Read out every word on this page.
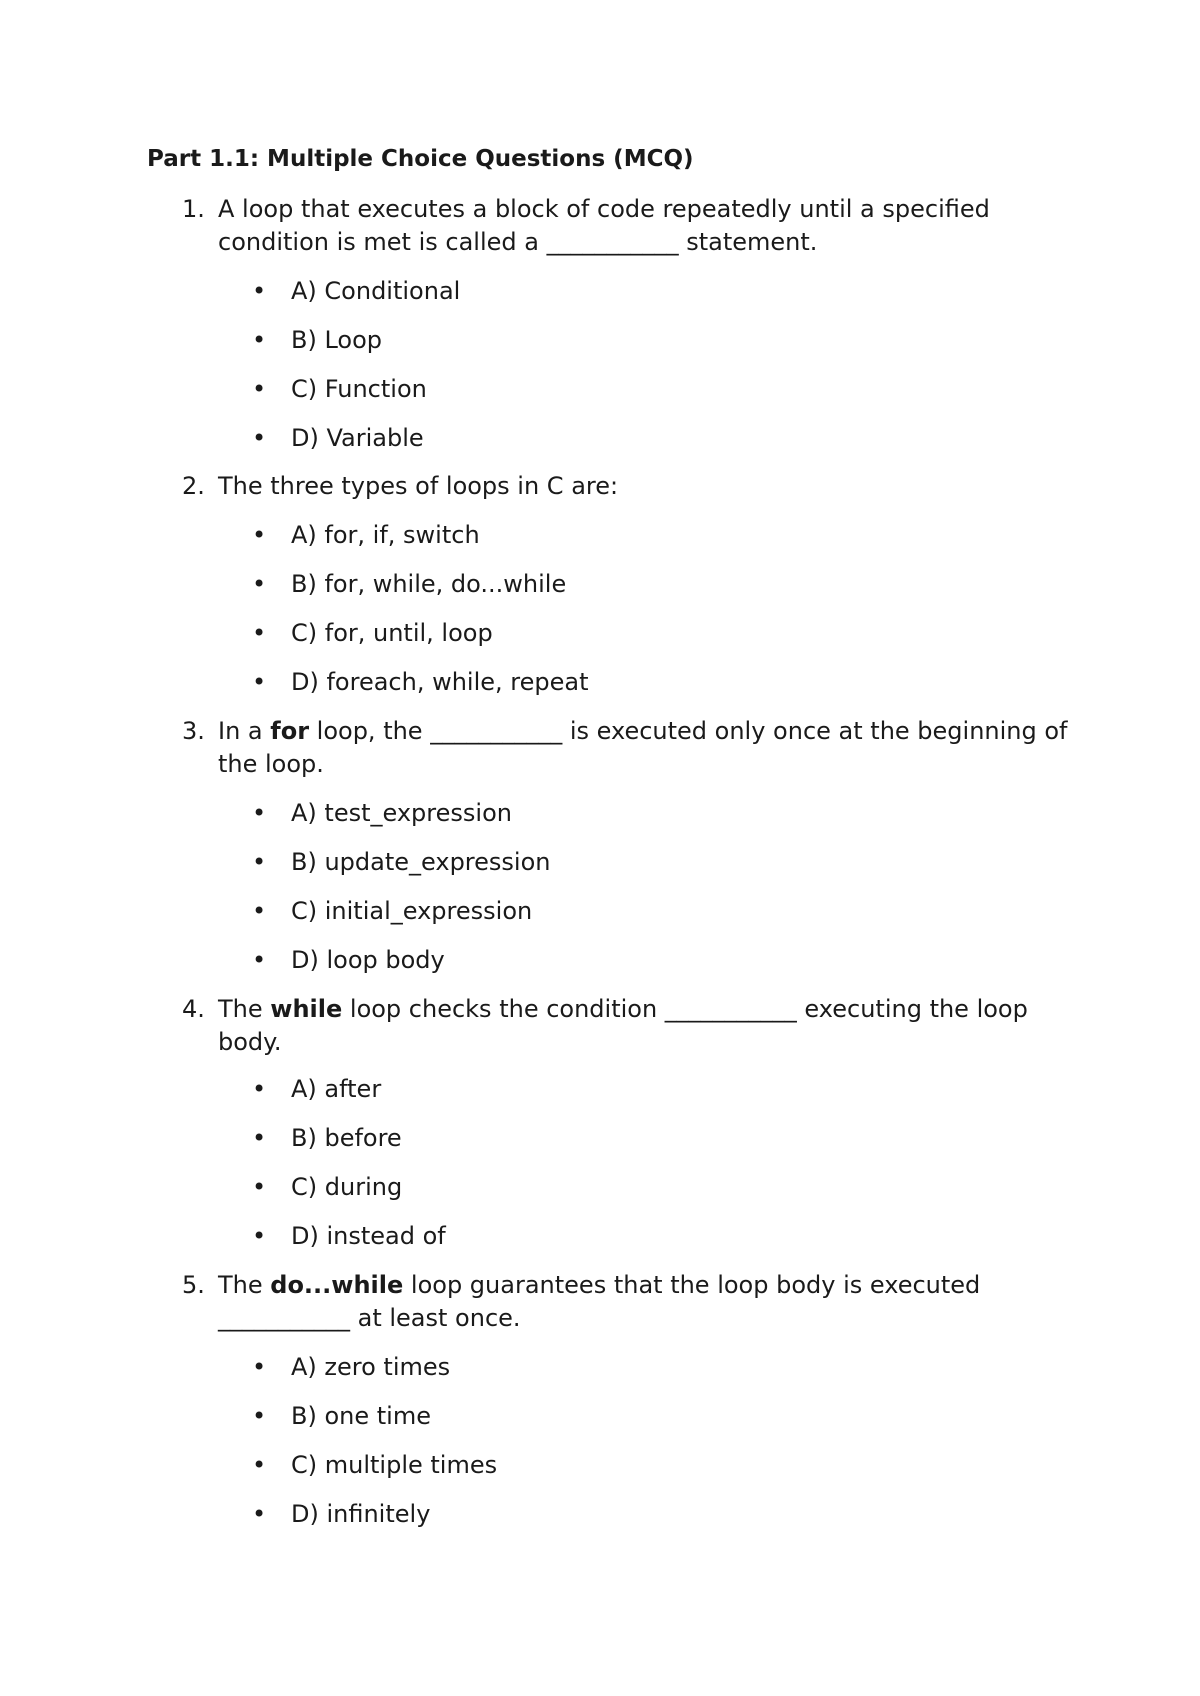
Part 1.1: Multiple Choice Questions (MCQ)
1. A loop that executes a block of code repeatedly until a specified condition is met is called a ___________ statement.
• A) Conditional
• B) Loop
• C) Function
• D) Variable
2. The three types of loops in C are:
• A) for, if, switch
• B) for, while, do...while
• C) for, until, loop
• D) foreach, while, repeat
3. In a for loop, the ___________ is executed only once at the beginning of the loop.
• A) test_expression
• B) update_expression
• C) initial_expression
• D) loop body
4. The while loop checks the condition ___________ executing the loop body.
• A) after
• B) before
• C) during
• D) instead of
5. The do...while loop guarantees that the loop body is executed ___________ at least once.
• A) zero times
• B) one time
• C) multiple times
• D) infinitely
